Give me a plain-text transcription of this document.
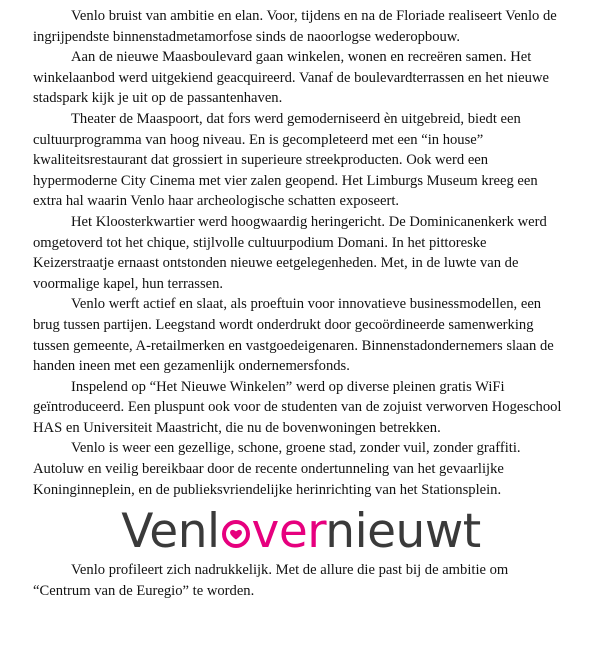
Venlo bruist van ambitie en elan. Voor, tijdens en na de Floriade realiseert Venlo de ingrijpendste binnenstadmetamorfose sinds de naoorlogse wederopbouw.

Aan de nieuwe Maasboulevard gaan winkelen, wonen en recreëren samen. Het winkelaanbod werd uitgekiend geacquireerd. Vanaf de boulevardterrassen en het nieuwe stadspark kijk je uit op de passantenhaven.

Theater de Maaspoort, dat fors werd gemoderniseerd èn uitgebreid, biedt een cultuurprogramma van hoog niveau. En is gecompleteerd met een “in house” kwaliteitsrestaurant dat grossiert in superieure streekproducten. Ook werd een hypermoderne City Cinema met vier zalen geopend. Het Limburgs Museum kreeg een extra hal waarin Venlo haar archeologische schatten exposeert.

Het Kloosterkwartier werd hoogwaardig heringericht. De Dominicanenkerk werd omgetoverd tot het chique, stijlvolle cultuurpodium Domani. In het pittoreske Keizerstraatje ernaast ontstonden nieuwe eetgelegenheden. Met, in de luwte van de voormalige kapel, hun terrassen.

Venlo werft actief en slaat, als proeftuin voor innovatieve businessmodellen, een brug tussen partijen. Leegstand wordt onderdrukt door gecoördineerde samenwerking tussen gemeente, A-retailmerken en vastgoedeigenaren. Binnenstadondernemers slaan de handen ineen met een gezamenlijk ondernemersfonds.

Inspelend op “Het Nieuwe Winkelen” werd op diverse pleinen gratis WiFi geïntroduceerd. Een pluspunt ook voor de studenten van de zojuist verworven Hogeschool HAS en Universiteit Maastricht, die nu de bovenwoningen betrekken.

Venlo is weer een gezellige, schone, groene stad, zonder vuil, zonder graffiti. Autoluw en veilig bereikbaar door de recente ondertunneling van het gevaarlijke Koninginneplein, en de publieksvriendelijke herinrichting van het Stationsplein.

Venl vernieuwt

Venlo profileert zich nadrukkelijk. Met de allure die past bij de ambitie om “Centrum van de Euregio” te worden.
